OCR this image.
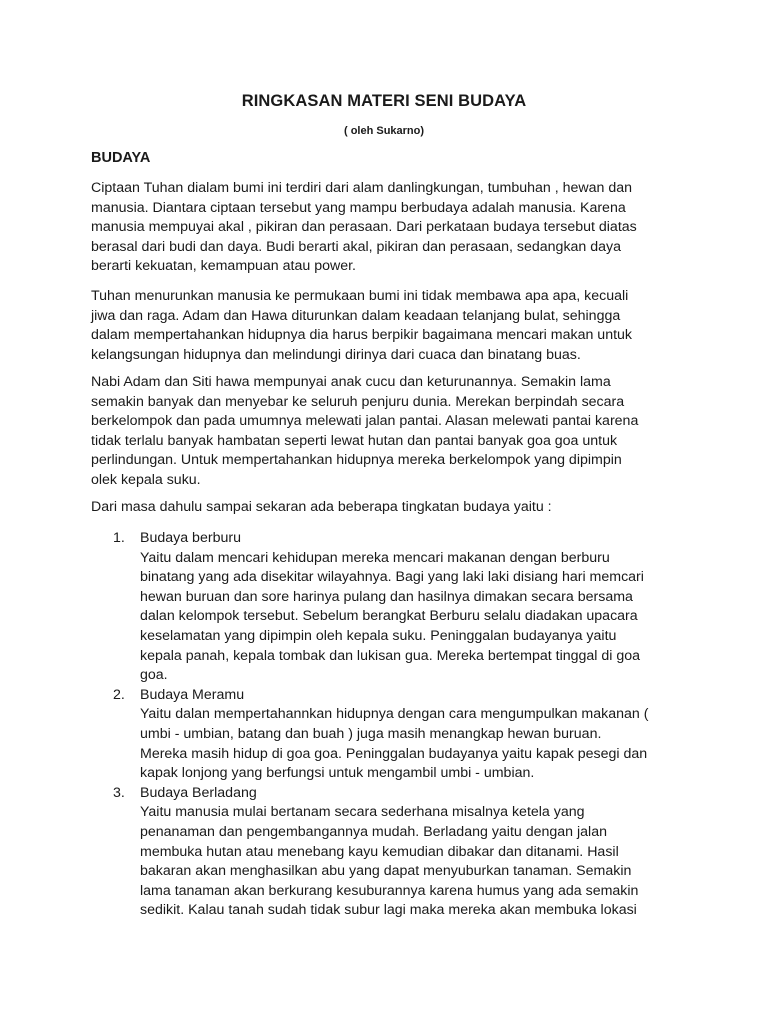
RINGKASAN MATERI SENI BUDAYA
( oleh Sukarno)
BUDAYA
Ciptaan Tuhan dialam bumi ini terdiri dari alam danlingkungan, tumbuhan , hewan dan
manusia. Diantara ciptaan tersebut yang mampu berbudaya adalah manusia. Karena
manusia mempuyai akal , pikiran dan perasaan. Dari perkataan budaya tersebut diatas
berasal dari budi dan daya. Budi berarti akal, pikiran dan perasaan, sedangkan daya
berarti kekuatan, kemampuan atau power.
Tuhan menurunkan manusia ke permukaan bumi ini tidak membawa apa apa, kecuali
jiwa dan raga. Adam dan Hawa diturunkan dalam keadaan telanjang bulat, sehingga
dalam mempertahankan hidupnya dia harus berpikir bagaimana mencari makan untuk
kelangsungan hidupnya dan melindungi dirinya dari cuaca dan binatang buas.
Nabi Adam dan Siti hawa mempunyai anak cucu dan keturunannya. Semakin lama
semakin banyak dan menyebar ke seluruh penjuru dunia. Merekan berpindah secara
berkelompok dan pada umumnya melewati jalan pantai. Alasan melewati pantai karena
tidak terlalu banyak hambatan seperti lewat hutan dan pantai banyak goa goa untuk
perlindungan. Untuk mempertahankan hidupnya mereka berkelompok yang dipimpin
olek kepala suku.
Dari masa dahulu sampai sekaran ada beberapa tingkatan budaya yaitu :
1. Budaya berburu
Yaitu dalam mencari kehidupan mereka mencari makanan dengan berburu
binatang yang ada disekitar wilayahnya. Bagi yang laki laki disiang hari memcari
hewan buruan dan sore harinya pulang dan hasilnya dimakan secara bersama
dalan kelompok tersebut. Sebelum berangkat Berburu selalu diadakan upacara
keselamatan yang dipimpin oleh kepala suku. Peninggalan budayanya yaitu
kepala panah, kepala tombak dan lukisan gua. Mereka bertempat tinggal di goa
goa.
2. Budaya Meramu
Yaitu dalan mempertahannkan hidupnya dengan cara mengumpulkan makanan (
umbi - umbian, batang dan buah ) juga masih menangkap hewan buruan.
Mereka masih hidup di goa goa. Peninggalan budayanya yaitu kapak pesegi dan
kapak lonjong yang berfungsi untuk mengambil umbi - umbian.
3. Budaya Berladang
Yaitu manusia mulai bertanam secara sederhana misalnya ketela yang
penanaman dan pengembangannya mudah. Berladang yaitu dengan jalan
membuka hutan atau menebang kayu kemudian dibakar dan ditanami. Hasil
bakaran akan menghasilkan abu yang dapat menyuburkan tanaman. Semakin
lama tanaman akan berkurang kesuburannya karena humus yang ada semakin
sedikit. Kalau tanah sudah tidak subur lagi maka mereka akan membuka lokasi
